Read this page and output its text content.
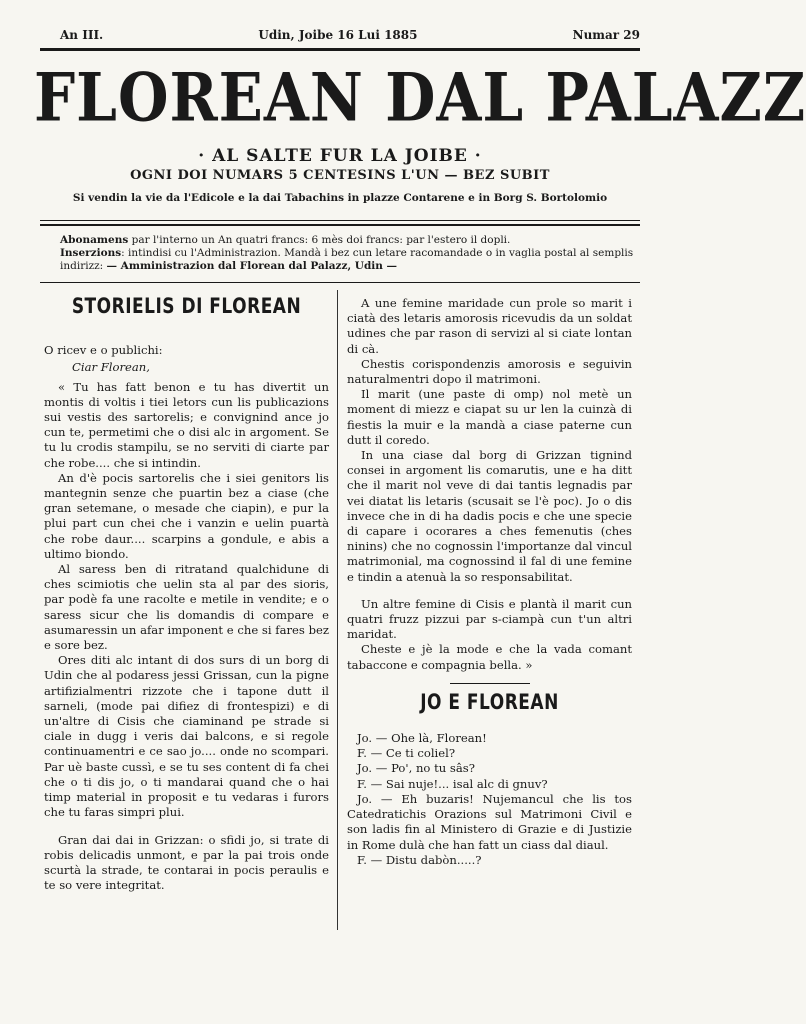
An III.	Udin, Joibe 16 Lui 1885	Numar 29
FLOREAN DAL PALAZZ
· AL SALTE FUR LA JOIBE ·
OGNI DOI NUMARS 5 CENTESINS L'UN — BEZ SUBIT
Si vendin la vie da l'Edicole e la dai Tabachins in plazze Contarene e in Borg S. Bortolomio
Abonamens par l'interno un An quatri francs: 6 mès doi francs: par l'estero il dopli.
Inserzions: intindisi cu l'Administrazion. Mandà i bez cun letare racomandade o in vaglia postal al semplis indirizz: — Amministrazion dal Florean dal Palazz, Udin —
STORIELIS DI FLOREAN

O ricev e o publichi:

Ciar Florean,

« Tu has fatt benon e tu has divertit un montis di voltis i tiei letors cun lis publicazions sui vestis des sartorelis; e convignind ance jo cun te, permetimi che o disi alc in argoment. Se tu lu crodis stampilu, se no serviti di ciarte par che robe.... che si intindin.

An d'è pocis sartorelis che i siei genitors lis mantegnin senze che puartin bez a ciase (che gran setemane, o mesade che ciapin), e pur la plui part cun chei che i vanzin e uelin puartà che robe daur.... scarpins a gondule, e abis a ultimo biondo.

Al saress ben di ritratand qualchidune di ches scimiotis che uelin sta al par des sioris, par podè fa une racolte e metile in vendite; e o saress sicur che lis domandis di compare e asumaressin un afar imponent e che si fares bez e sore bez.

Ores diti alc intant di dos surs di un borg di Udin che al podaress jessi Grissan, cun la pigne artifizialmentri rizzote che i tapone dutt il sarneli, (mode pai difiez di frontespizi) e di un'altre di Cisis che ciaminand pe strade si ciale in dugg i veris dai balcons, e si regole continuamentri e ce sao jo.... onde no scompari. Par uè baste cussì, e se tu ses content di fa chei che o ti dis jo, o ti mandarai quand che o hai timp material in proposit e tu vedaras i furors che tu faras simpri plui.

Gran dai dai in Grizzan: o sfidi jo, si trate di robis delicadis unmont, e par la pai trois onde scurtà la strade, te contarai in pocis peraulis e te so vere integritat.

A une femine maridade cun prole so marit i ciatà des letaris amorosis ricevudis da un soldat udines che par rason di servizi al si ciate lontan di cà.

Chestis corispondenzis amorosis e seguivin naturalmentri dopo il matrimoni.

Il marit (une paste di omp) nol metè un moment di miezz e ciapat su ur len la cuinzà di fiestis la muir e la mandà a ciase paterne cun dutt il coredo.

In una ciase dal borg di Grizzan tignind consei in argoment lis comarutis, une e ha ditt che il marit nol veve di dai tantis legnadis par vei diatat lis letaris (scusait se l'è poc). Jo o dis invece che in di ha dadis pocis e che une specie di capare i ocorares a ches femenutis (ches ninins) che no cognossin l'importanze dal vincul matrimonial, ma cognossind il fal di une femine e tindin a atenuà la so responsabilitat.

Un altre femine di Cisis e plantà il marit cun quatri fruzz pizzui par s-ciampà cun t'un altri maridat.

Cheste e jè la mode e che la vada comant tabaccone e compagnia bella. »

JO E FLOREAN

Jo. — Ohe là, Florean!

F. — Ce ti coliel?

Jo. — Po', no tu sâs?

F. — Sai nuje!... isal alc di gnuv?

Jo. — Eh buzaris! Nujemancul che lis tos Catedratichis Orazions sul Matrimoni Civil e son ladis fin al Ministero di Grazie e di Justizie in Rome dulà che han fatt un ciass dal diaul.

F. — Distu dabòn.....?
